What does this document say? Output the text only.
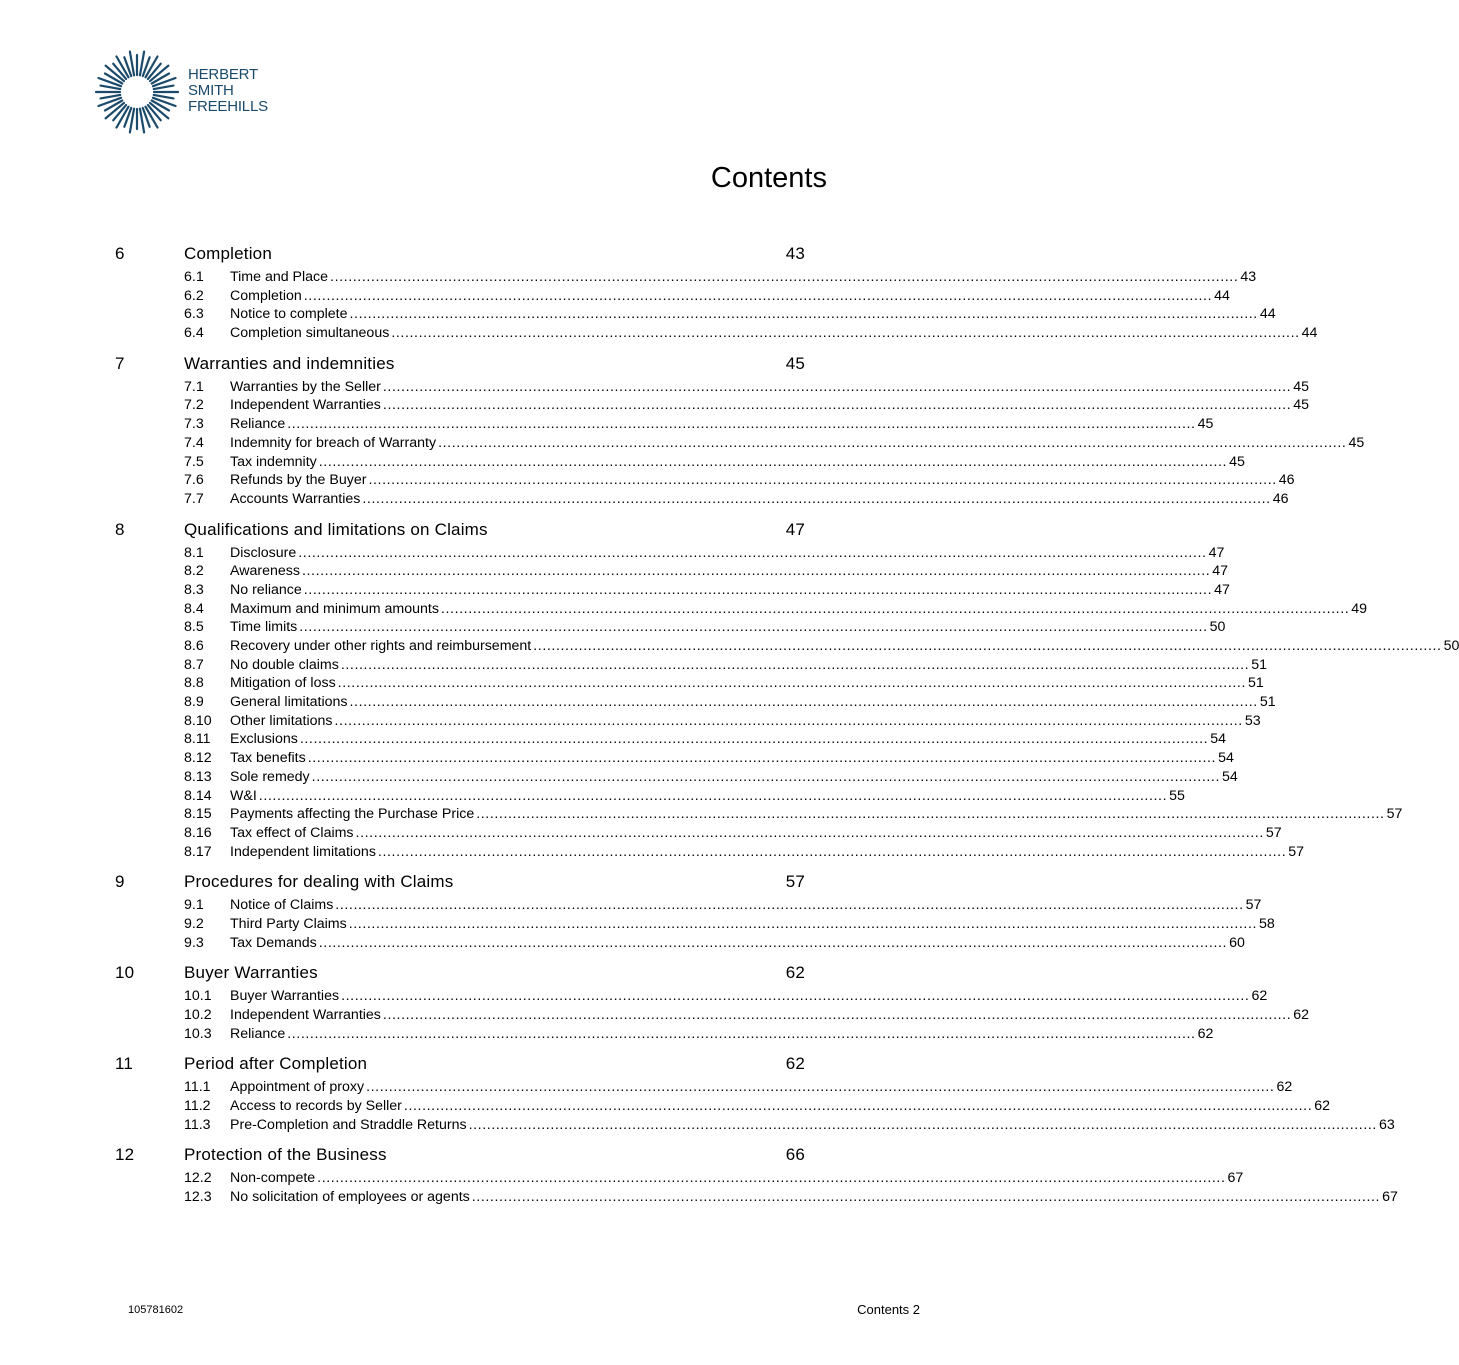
HERBERT
SMITH
FREEHILLS
Contents
6	Completion	43
6.1 Time and Place ........................................................................................................................................................................................................ 43
6.2 Completion ........................................................................................................................................................................................................ 44
6.3 Notice to complete ........................................................................................................................................................................................................ 44
6.4 Completion simultaneous ........................................................................................................................................................................................................ 44
7	Warranties and indemnities	45
7.1 Warranties by the Seller ........................................................................................................................................................................................................ 45
7.2 Independent Warranties ........................................................................................................................................................................................................ 45
7.3 Reliance ........................................................................................................................................................................................................ 45
7.4 Indemnity for breach of Warranty ........................................................................................................................................................................................................ 45
7.5 Tax indemnity ........................................................................................................................................................................................................ 45
7.6 Refunds by the Buyer ........................................................................................................................................................................................................ 46
7.7 Accounts Warranties ........................................................................................................................................................................................................ 46
8	Qualifications and limitations on Claims	47
8.1 Disclosure ........................................................................................................................................................................................................ 47
8.2 Awareness ........................................................................................................................................................................................................ 47
8.3 No reliance ........................................................................................................................................................................................................ 47
8.4 Maximum and minimum amounts ........................................................................................................................................................................................................ 49
8.5 Time limits ........................................................................................................................................................................................................ 50
8.6 Recovery under other rights and reimbursement ........................................................................................................................................................................................................ 50
8.7 No double claims ........................................................................................................................................................................................................ 51
8.8 Mitigation of loss ........................................................................................................................................................................................................ 51
8.9 General limitations ........................................................................................................................................................................................................ 51
8.10 Other limitations ........................................................................................................................................................................................................ 53
8.11 Exclusions ........................................................................................................................................................................................................ 54
8.12 Tax benefits ........................................................................................................................................................................................................ 54
8.13 Sole remedy ........................................................................................................................................................................................................ 54
8.14 W&I ........................................................................................................................................................................................................ 55
8.15 Payments affecting the Purchase Price ........................................................................................................................................................................................................ 57
8.16 Tax effect of Claims ........................................................................................................................................................................................................ 57
8.17 Independent limitations ........................................................................................................................................................................................................ 57
9	Procedures for dealing with Claims	57
9.1 Notice of Claims ........................................................................................................................................................................................................ 57
9.2 Third Party Claims ........................................................................................................................................................................................................ 58
9.3 Tax Demands ........................................................................................................................................................................................................ 60
10	Buyer Warranties	62
10.1 Buyer Warranties ........................................................................................................................................................................................................ 62
10.2 Independent Warranties ........................................................................................................................................................................................................ 62
10.3 Reliance ........................................................................................................................................................................................................ 62
11	Period after Completion	62
11.1 Appointment of proxy ........................................................................................................................................................................................................ 62
11.2 Access to records by Seller ........................................................................................................................................................................................................ 62
11.3 Pre-Completion and Straddle Returns ........................................................................................................................................................................................................ 63
12	Protection of the Business	66
12.2 Non-compete ........................................................................................................................................................................................................ 67
12.3 No solicitation of employees or agents ........................................................................................................................................................................................................ 67
105781602	Contents 2
